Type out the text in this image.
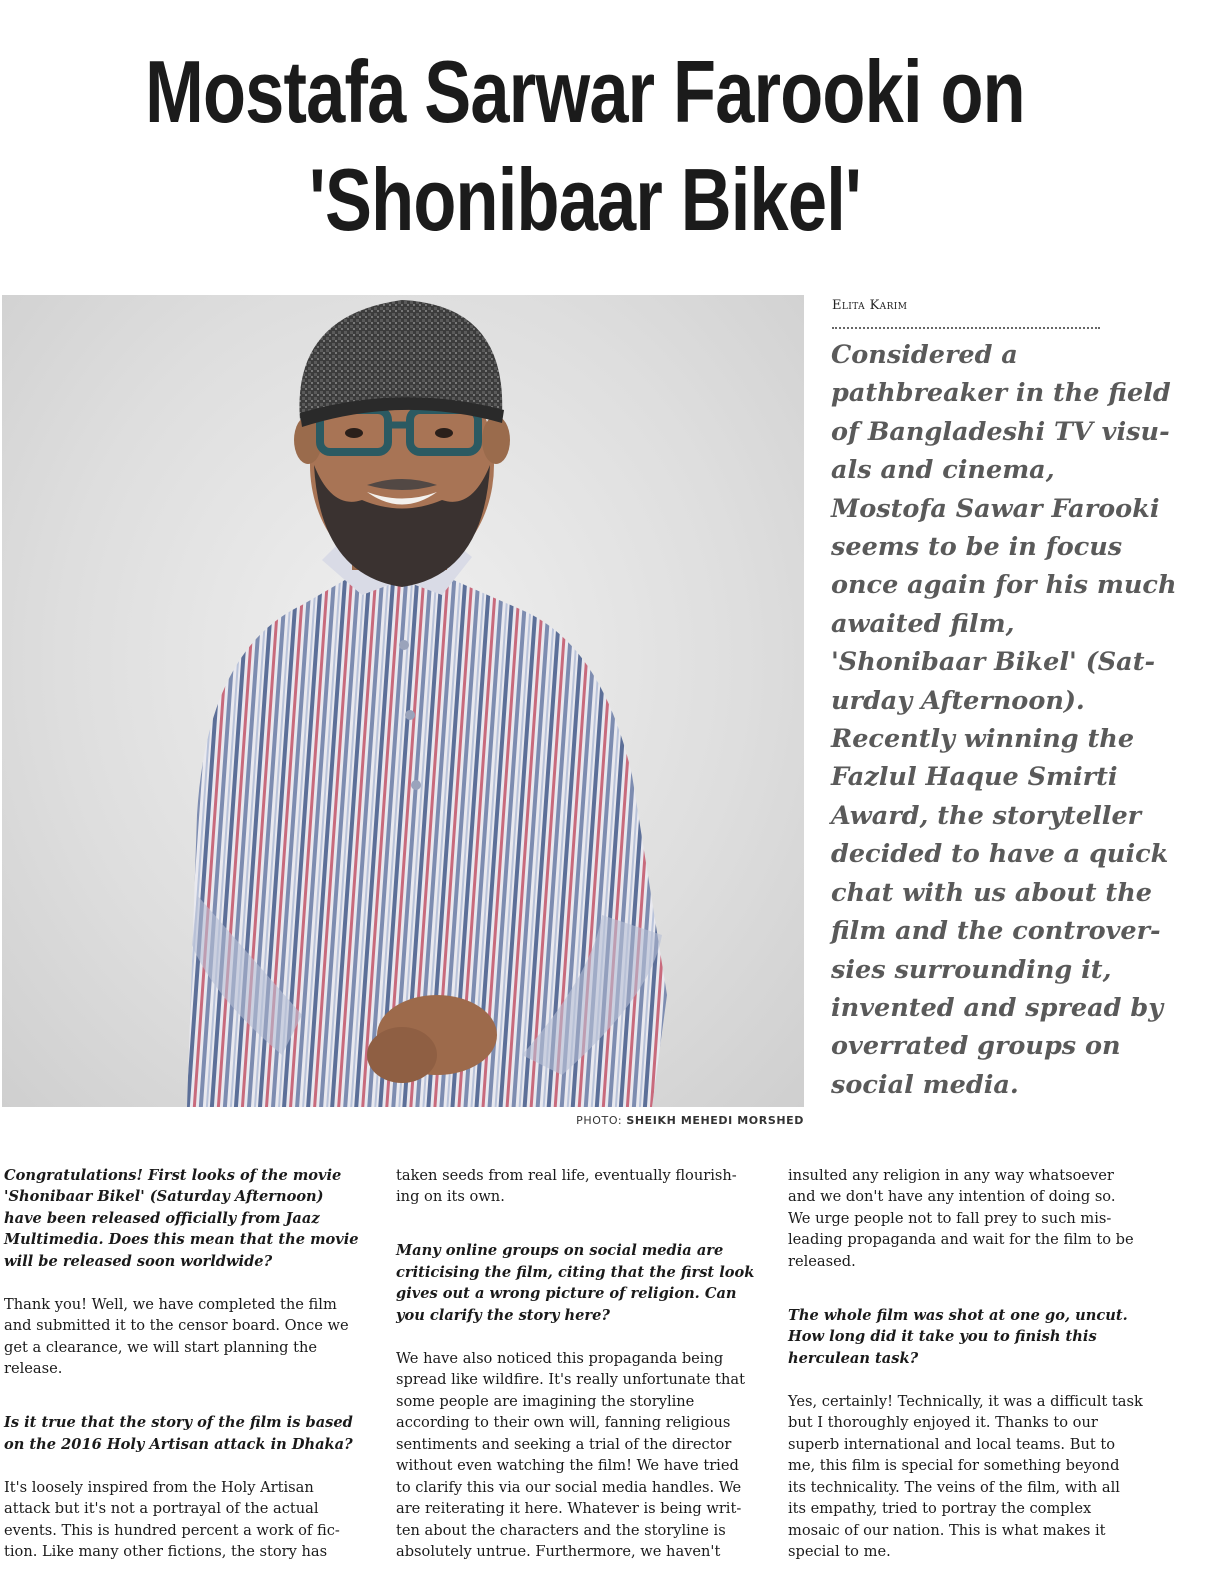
Mostafa Sarwar Farooki on
'Shonibaar Bikel'

PHOTO: SHEIKH MEHEDI MORSHED

Elita Karim

Considered a
pathbreaker in the field
of Bangladeshi TV visu-
als and cinema,
Mostofa Sawar Farooki
seems to be in focus
once again for his much
awaited film,
'Shonibaar Bikel' (Sat-
urday Afternoon).
Recently winning the
Fazlul Haque Smirti
Award, the storyteller
decided to have a quick
chat with us about the
film and the controver-
sies surrounding it,
invented and spread by
overrated groups on
social media.

Congratulations! First looks of the movie
'Shonibaar Bikel' (Saturday Afternoon)
have been released officially from Jaaz
Multimedia. Does this mean that the movie
will be released soon worldwide?

Thank you! Well, we have completed the film
and submitted it to the censor board. Once we
get a clearance, we will start planning the
release.

Is it true that the story of the film is based
on the 2016 Holy Artisan attack in Dhaka?

It's loosely inspired from the Holy Artisan
attack but it's not a portrayal of the actual
events. This is hundred percent a work of fic-
tion. Like many other fictions, the story has

taken seeds from real life, eventually flourish-
ing on its own.

Many online groups on social media are
criticising the film, citing that the first look
gives out a wrong picture of religion. Can
you clarify the story here?

We have also noticed this propaganda being
spread like wildfire. It's really unfortunate that
some people are imagining the storyline
according to their own will, fanning religious
sentiments and seeking a trial of the director
without even watching the film! We have tried
to clarify this via our social media handles. We
are reiterating it here. Whatever is being writ-
ten about the characters and the storyline is
absolutely untrue. Furthermore, we haven't

insulted any religion in any way whatsoever
and we don't have any intention of doing so.
We urge people not to fall prey to such mis-
leading propaganda and wait for the film to be
released.

The whole film was shot at one go, uncut.
How long did it take you to finish this
herculean task?

Yes, certainly! Technically, it was a difficult task
but I thoroughly enjoyed it. Thanks to our
superb international and local teams. But to
me, this film is special for something beyond
its technicality. The veins of the film, with all
its empathy, tried to portray the complex
mosaic of our nation. This is what makes it
special to me.
